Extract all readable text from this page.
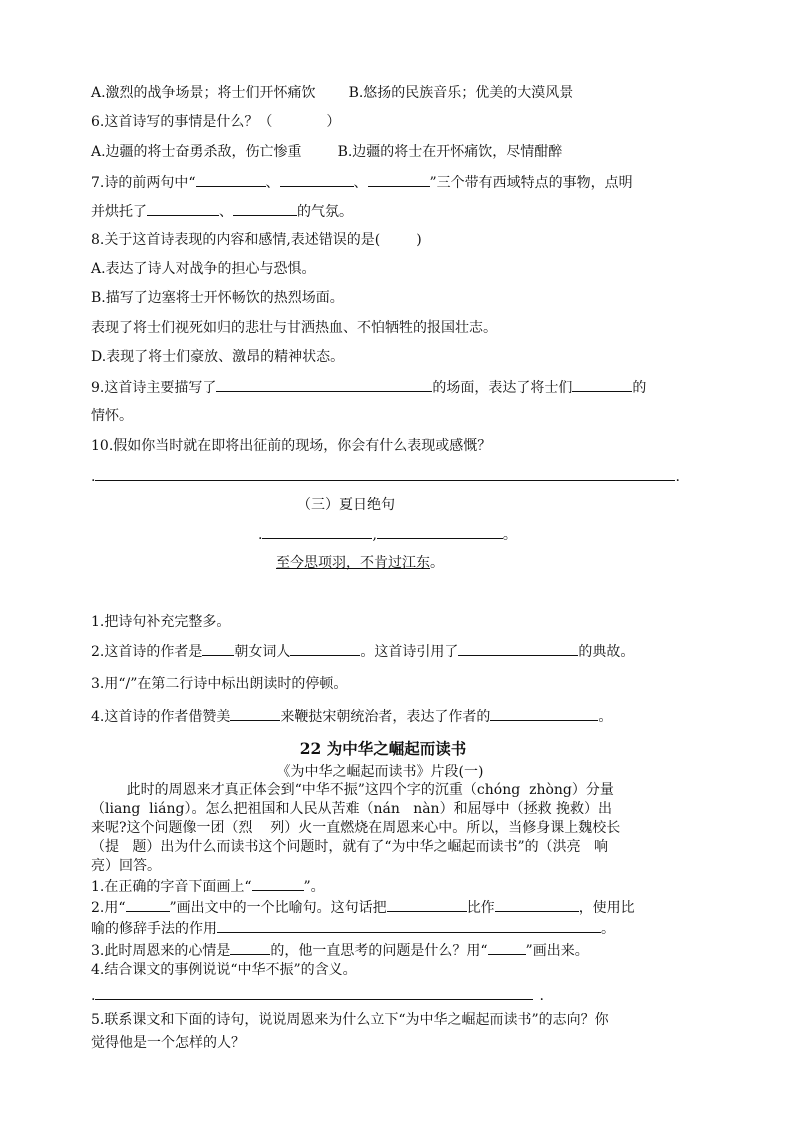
A.激烈的战争场景；将士们开怀痛饮 B.悠扬的民族音乐；优美的大漠风景
6.这首诗写的事情是什么？（	）
A.边疆的将士奋勇杀敌，伤亡惨重	B.边疆的将士在开怀痛饮，尽情酣醉
7.诗的前两句中“	、	、	”三个带有西域特点的事物，点明
并烘托了	、	的气氛。
8.关于这首诗表现的内容和感情,表述错误的是(	)
A.表达了诗人对战争的担心与恐惧。
B.描写了边塞将士开怀畅饮的热烈场面。
表现了将士们视死如归的悲壮与甘洒热血、不怕牺牲的报国壮志。
D.表现了将士们豪放、激昂的精神状态。
9.这首诗主要描写了	的场面，表达了将士们	的
情怀。
10.假如你当时就在即将出征前的现场，你会有什么表现或感慨？
.	.
（三）夏日绝句
.	,	。
至今思项羽，不肯过江东。
1.把诗句补充完整多。
2.这首诗的作者是 朝女词人	。这首诗引用了	的典故。
3.用“/”在第二行诗中标出朗读时的停顿。
4.这首诗的作者借赞美	来鞭挞宋朝统治者，表达了作者的	。
22 为中华之崛起而读书
《为中华之崛起而读书》片段(一)
此时的周恩来才真正体会到“中华不振”这四个字的沉重（chóng  zhòng）分量
（liang  liáng）。怎么把祖国和人民从苦难（nán   nàn）和屈辱中（拯救 挽救）出
来呢?这个问题像一团（烈    列）火一直燃烧在周恩来心中。所以，当修身课上魏校长
（提   题）出为什么而读书这个问题时，就有了“为中华之崛起而读书”的（洪亮   响
亮）回答。
1.在正确的字音下面画上“	”。
2.用“	”画出文中的一个比喻句。这句话把	比作	，使用比
喻的修辞手法的作用	。
3.此时周恩来的心情是	的，他一直思考的问题是什么？用“	”画出来。
4.结合课文的事例说说“中华不振”的含义。
.	.
5.联系课文和下面的诗句，说说周恩来为什么立下“为中华之崛起而读书”的志向？你
觉得他是一个怎样的人？
